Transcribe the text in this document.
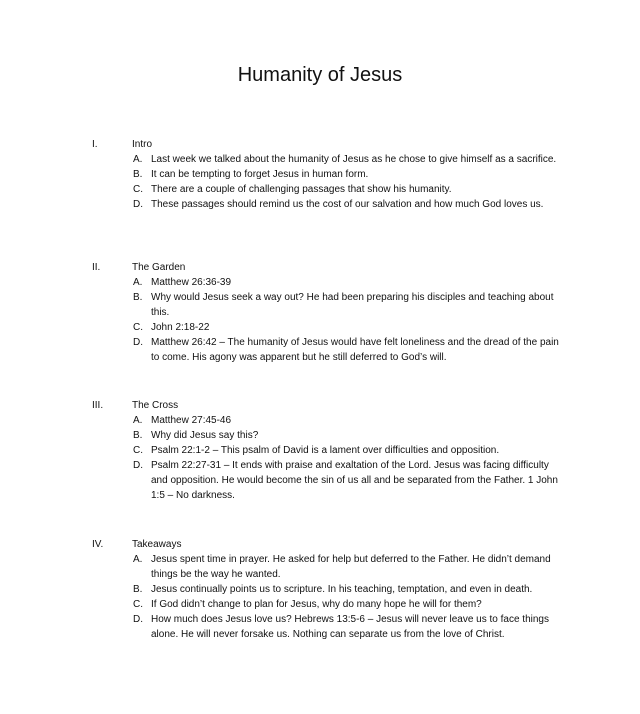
Humanity of Jesus
I.	Intro
A. Last week we talked about the humanity of Jesus as he chose to give himself as a sacrifice.
B. It can be tempting to forget Jesus in human form.
C. There are a couple of challenging passages that show his humanity.
D. These passages should remind us the cost of our salvation and how much God loves us.
II.	The Garden
A. Matthew 26:36-39
B. Why would Jesus seek a way out? He had been preparing his disciples and teaching about this.
C. John 2:18-22
D. Matthew 26:42 – The humanity of Jesus would have felt loneliness and the dread of the pain to come. His agony was apparent but he still deferred to God’s will.
III.	The Cross
A. Matthew 27:45-46
B. Why did Jesus say this?
C. Psalm 22:1-2 – This psalm of David is a lament over difficulties and opposition.
D. Psalm 22:27-31 – It ends with praise and exaltation of the Lord. Jesus was facing difficulty and opposition. He would become the sin of us all and be separated from the Father. 1 John 1:5 – No darkness.
IV.	Takeaways
A. Jesus spent time in prayer. He asked for help but deferred to the Father. He didn’t demand things be the way he wanted.
B. Jesus continually points us to scripture. In his teaching, temptation, and even in death.
C. If God didn’t change to plan for Jesus, why do many hope he will for them?
D. How much does Jesus love us? Hebrews 13:5-6 – Jesus will never leave us to face things alone. He will never forsake us. Nothing can separate us from the love of Christ.
